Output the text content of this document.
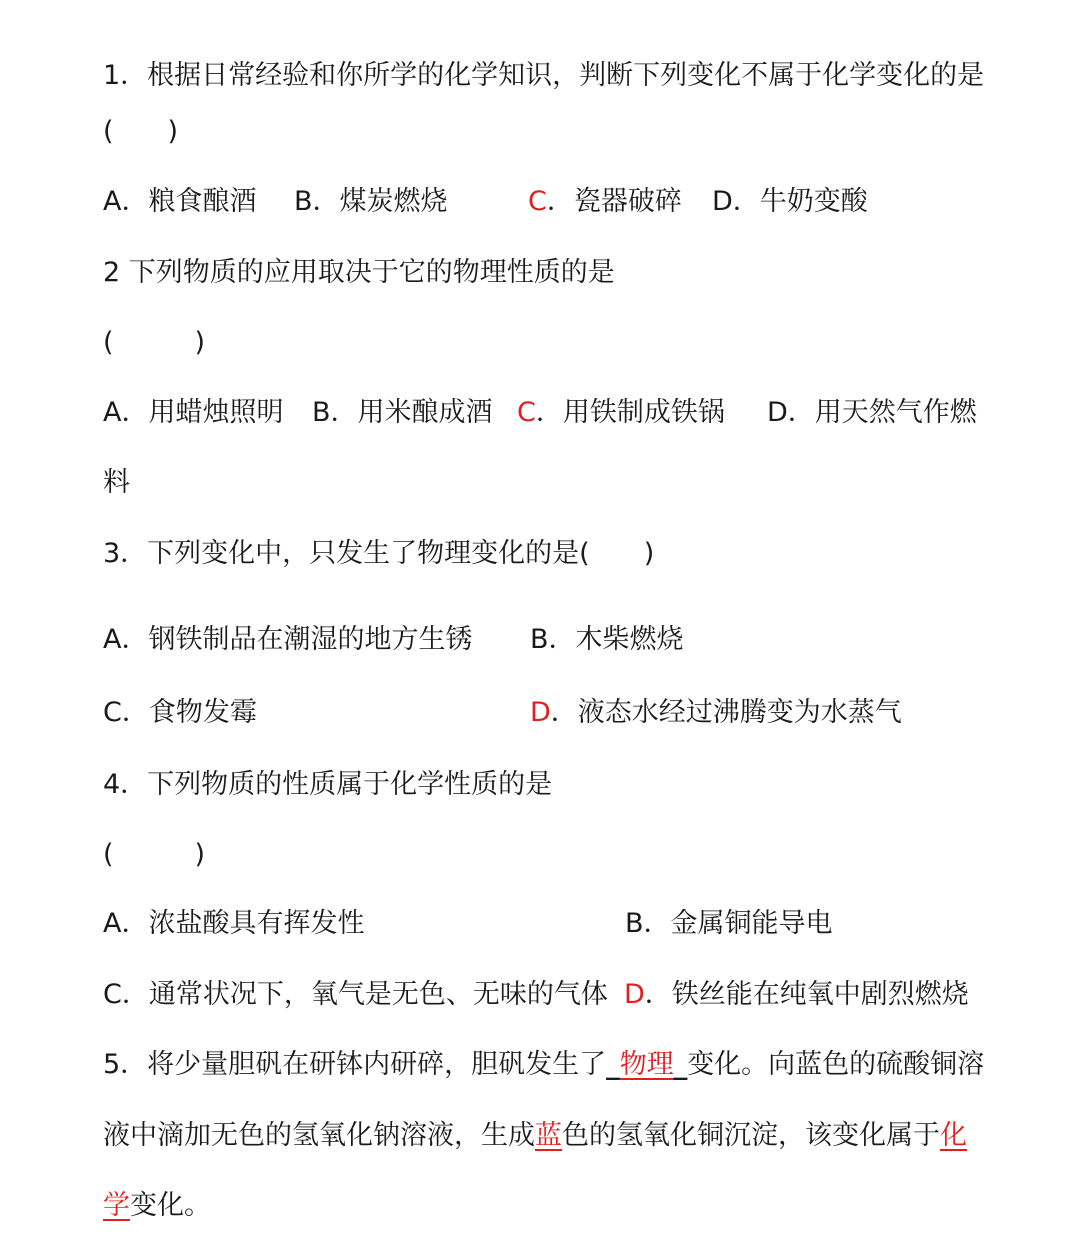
1．根据日常经验和你所学的化学知识，判断下列变化不属于化学变化的是
(　　)
A．粮食酿酒 B．煤炭燃烧	C．瓷器破碎 D．牛奶变酸
2 下列物质的应用取决于它的物理性质的是
(　　　)
A．用蜡烛照明 B．用米酿成酒 C．用铁制成铁锅 D．用天然气作燃
料
3．下列变化中，只发生了物理变化的是(　　)
A．钢铁制品在潮湿的地方生锈 B．木柴燃烧
C．食物发霉	D．液态水经过沸腾变为水蒸气
4．下列物质的性质属于化学性质的是
(　　　)
A．浓盐酸具有挥发性	B．金属铜能导电
C．通常状况下，氧气是无色、无味的气体 D．铁丝能在纯氧中剧烈燃烧
5．将少量胆矾在研钵内研碎，胆矾发生了_物理_变化。向蓝色的硫酸铜溶
液中滴加无色的氢氧化钠溶液，生成蓝色的氢氧化铜沉淀，该变化属于化
学变化。
